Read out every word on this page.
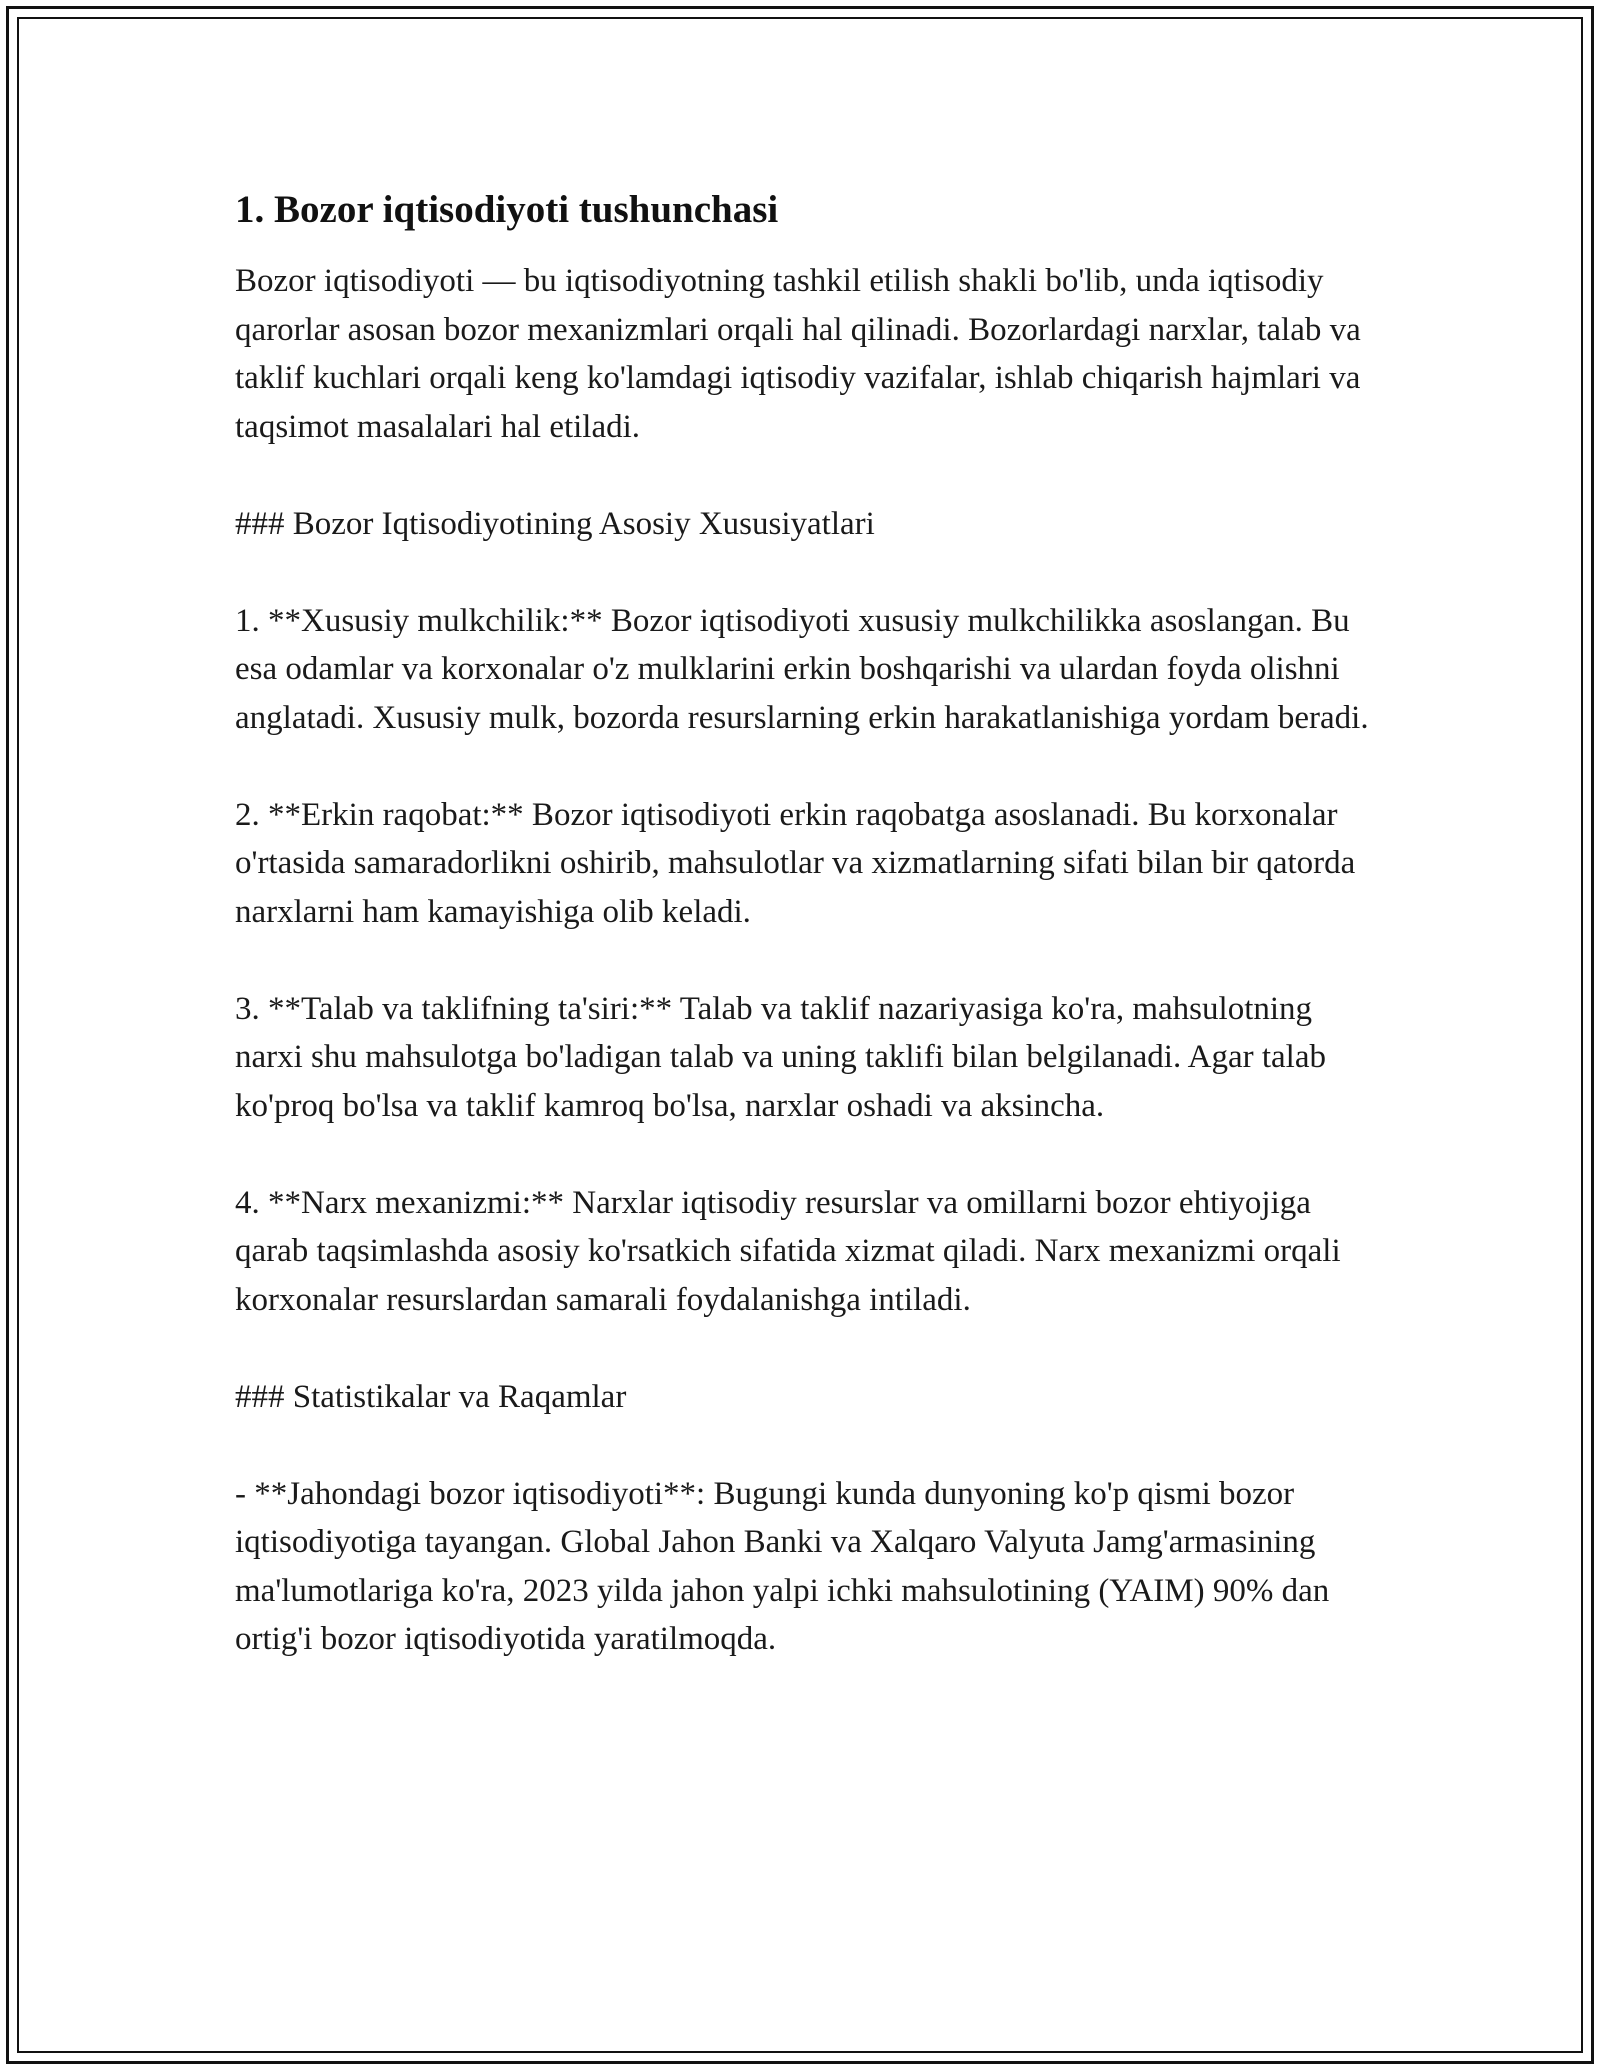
1. Bozor iqtisodiyoti tushunchasi

Bozor iqtisodiyoti — bu iqtisodiyotning tashkil etilish shakli bo'lib, unda iqtisodiy qarorlar asosan bozor mexanizmlari orqali hal qilinadi. Bozorlardagi narxlar, talab va taklif kuchlari orqali keng ko'lamdagi iqtisodiy vazifalar, ishlab chiqarish hajmlari va taqsimot masalalari hal etiladi.

### Bozor Iqtisodiyotining Asosiy Xususiyatlari

1. **Xususiy mulkchilik:** Bozor iqtisodiyoti xususiy mulkchilikka asoslangan. Bu esa odamlar va korxonalar o'z mulklarini erkin boshqarishi va ulardan foyda olishni anglatadi. Xususiy mulk, bozorda resurslarning erkin harakatlanishiga yordam beradi.

2. **Erkin raqobat:** Bozor iqtisodiyoti erkin raqobatga asoslanadi. Bu korxonalar o'rtasida samaradorlikni oshirib, mahsulotlar va xizmatlarning sifati bilan bir qatorda narxlarni ham kamayishiga olib keladi.

3. **Talab va taklifning ta'siri:** Talab va taklif nazariyasiga ko'ra, mahsulotning narxi shu mahsulotga bo'ladigan talab va uning taklifi bilan belgilanadi. Agar talab ko'proq bo'lsa va taklif kamroq bo'lsa, narxlar oshadi va aksincha.

4. **Narx mexanizmi:** Narxlar iqtisodiy resurslar va omillarni bozor ehtiyojiga qarab taqsimlashda asosiy ko'rsatkich sifatida xizmat qiladi. Narx mexanizmi orqali korxonalar resurslardan samarali foydalanishga intiladi.

### Statistikalar va Raqamlar

- **Jahondagi bozor iqtisodiyoti**: Bugungi kunda dunyoning ko'p qismi bozor iqtisodiyotiga tayangan. Global Jahon Banki va Xalqaro Valyuta Jamg'armasining ma'lumotlariga ko'ra, 2023 yilda jahon yalpi ichki mahsulotining (YAIM) 90% dan ortig'i bozor iqtisodiyotida yaratilmoqda.
